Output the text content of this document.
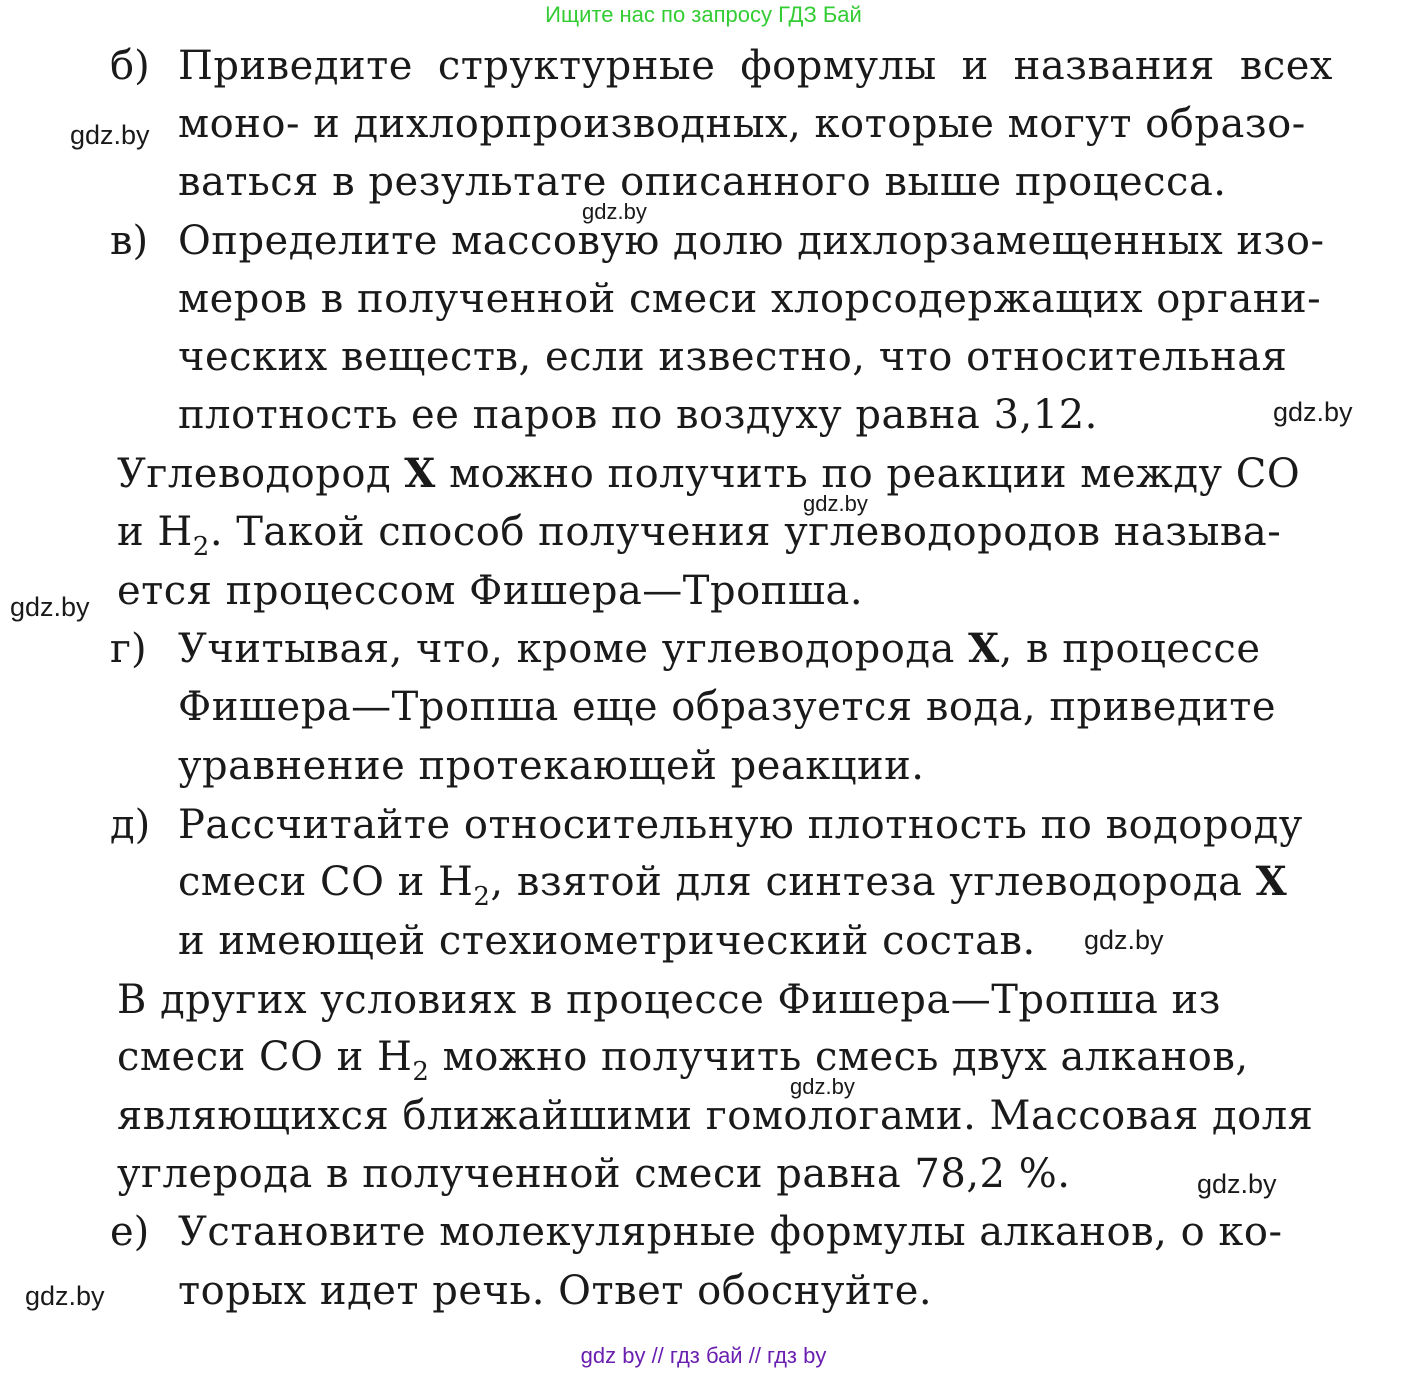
Ищите нас по запросу ГДЗ Бай
б) Приведите структурные формулы и названия всех
моно- и дихлорпроизводных, которые могут образо-
ваться в результате описанного выше процесса.
в) Определите массовую долю дихлорзамещенных изо-
меров в полученной смеси хлорсодержащих органи-
ческих веществ, если известно, что относительная
плотность ее паров по воздуху равна 3,12.
Углеводород X можно получить по реакции между СО
и $Н_2$. Такой способ получения углеводородов называ-
ется процессом Фишера—Тропша.
г) Учитывая, что, кроме углеводорода X, в процессе
Фишера—Тропша еще образуется вода, приведите
уравнение протекающей реакции.
д) Рассчитайте относительную плотность по водороду
смеси СО и $Н_2$, взятой для синтеза углеводорода X
и имеющей стехиометрический состав.
В других условиях в процессе Фишера—Тропша из
смеси СО и $Н_2$ можно получить смесь двух алканов,
являющихся ближайшими гомологами. Массовая доля
углерода в полученной смеси равна 78,2 %.
е) Установите молекулярные формулы алканов, о ко-
торых идет речь. Ответ обоснуйте.
gdz.by
gdz.by
gdz.by
gdz.by
gdz.by
gdz.by
gdz.by
gdz.by
gdz.by
gdz by // гдз бай // гдз by
